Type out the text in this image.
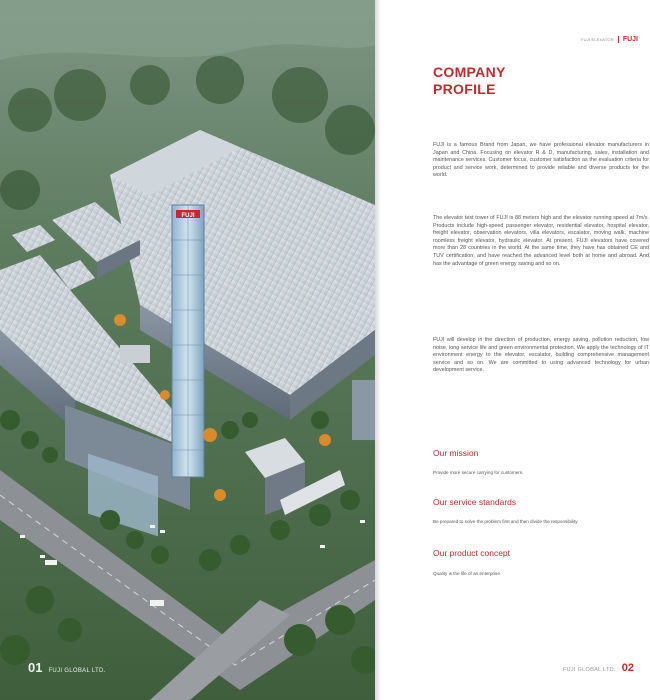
FUJI
01 FUJI GLOBAL LTD.
FUJI ELEVATOR FUJI
COMPANY
PROFILE

FUJI is a famous Brand from Japan, we have professional elevator manufacturers in Japan and China. Focusing on elevator R & D, manufacturing, sales, installation and maintenance services. Customer focus, customer satisfaction as the evaluation criteria for product and service work, determined to provide reliable and diverse products for the world.

The elevator test tower of FUJI is 88 meters high and the elevator running speed at 7m/s. Products include high-speed passenger elevator, residential elevator, hospital elevator, freight elevator, observation elevators, villa elevators, escalator, moving walk, machine roomless freight elevator, hydraulic elevator. At present, FUJI elevators have covered more than 28 countries in the world. At the same time, they have has obtained CE and TUV certification, and have reached the advanced level both at home and abroad. And has the advantage of green energy saving and so on.

FUJI will develop in the direction of production, energy saving, pollution reduction, low noise, long service life and green environmental protection. We apply the technology of IT environment energy to the elevator, escalator, building comprehensive management service and so on. We are committed to using advanced technology for urban development service.

Our mission
Provide more secure carrying for customers.
Our service standards
Be prepared to solve the problem first and then divide the responsibility.
Our product concept
Quality is the life of an enterprise
FUJI GLOBAL LTD. 02
